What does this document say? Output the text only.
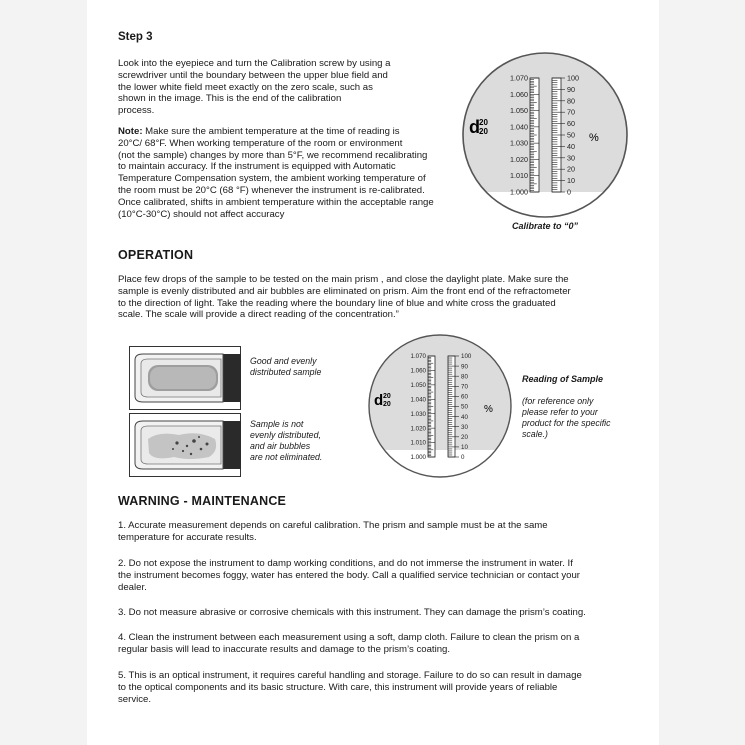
Step 3
Look into the eyepiece and turn the Calibration screw by using a
screwdriver until the boundary between the upper blue field and
the lower white field meet exactly on the zero scale, such as
shown in the image. This is the end of the calibration
process.
Note: Make sure the ambient temperature at the time of reading is
20°C/ 68°F. When working temperature of the room or environment
(not the sample) changes by more than 5°F, we recommend recalibrating
to maintain accuracy. If the instrument is equipped with Automatic
Temperature Compensation system, the ambient working temperature of
the room must be 20°C (68 °F) whenever the instrument is re-calibrated.
Once calibrated, shifts in ambient temperature within the acceptable range
(10°C-30°C) should not affect accuracy
1.070
1.060
1.050
1.040
1.030
1.020
1.010
1.000
100
90
80
70
60
50
40
30
20
10
0
d 20
20
%
Calibrate to “0”
OPERATION
Place few drops of the sample to be tested on the main prism , and close the daylight plate. Make sure the
sample is evenly distributed and air bubbles are eliminated on prism. Aim the front end of the refractometer
to the direction of light. Take the reading where the boundary line of blue and white cross the graduated
scale. The scale will provide a direct reading of the concentration.”
Good and evenly
distributed sample
Sample is not
evenly distributed,
and air bubbles
are not eliminated.
1.070
1.060
1.050
1.040
1.030
1.020
1.010
1.000
100
90
80
70
60
50
40
30
20
10
0
d 20
20	%
Reading of Sample
(for reference only
please refer to your
product for the specific
scale.)
WARNING - MAINTENANCE
1. Accurate measurement depends on careful calibration. The prism and sample must be at the same
temperature for accurate results.
2. Do not expose the instrument to damp working conditions, and do not immerse the instrument in water. If
the instrument becomes foggy, water has entered the body. Call a qualified service technician or contact your
dealer.
3. Do not measure abrasive or corrosive chemicals with this instrument. They can damage the prism’s coating.
4. Clean the instrument between each measurement using a soft, damp cloth. Failure to clean the prism on a
regular basis will lead to inaccurate results and damage to the prism’s coating.
5. This is an optical instrument, it requires careful handling and storage. Failure to do so can result in damage
to the optical components and its basic structure. With care, this instrument will provide years of reliable
service.
